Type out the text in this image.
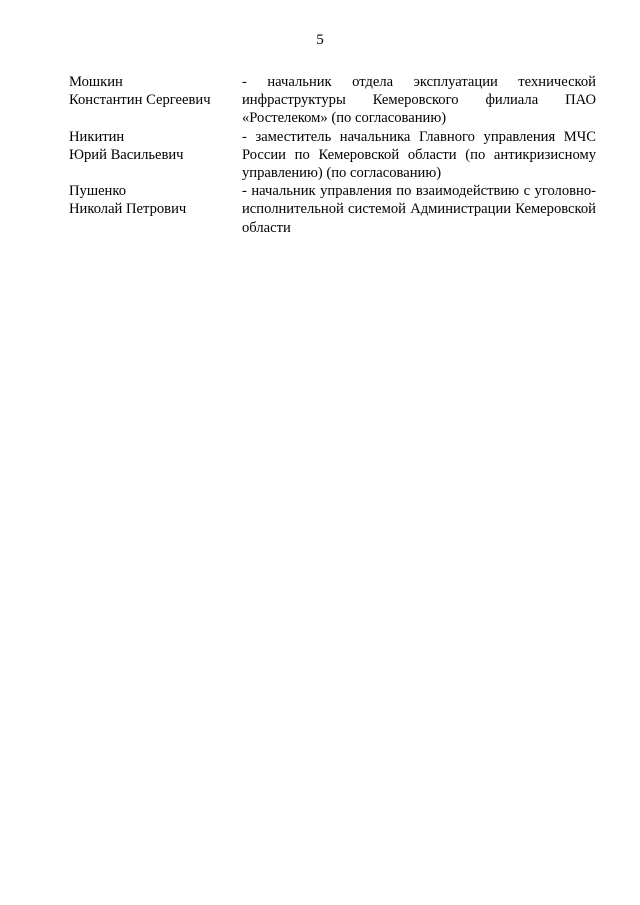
5
Мошкин
Константин Сергеевич
- начальник отдела эксплуатации технической инфраструктуры Кемеровского филиала ПАО «Ростелеком» (по согласованию)
Никитин
Юрий Васильевич
- заместитель начальника Главного управления МЧС России по Кемеровской области (по антикризисному управлению) (по согласованию)
Пушенко
Николай Петрович
- начальник управления по взаимодействию с уголовно-исполнительной системой Администрации Кемеровской области
